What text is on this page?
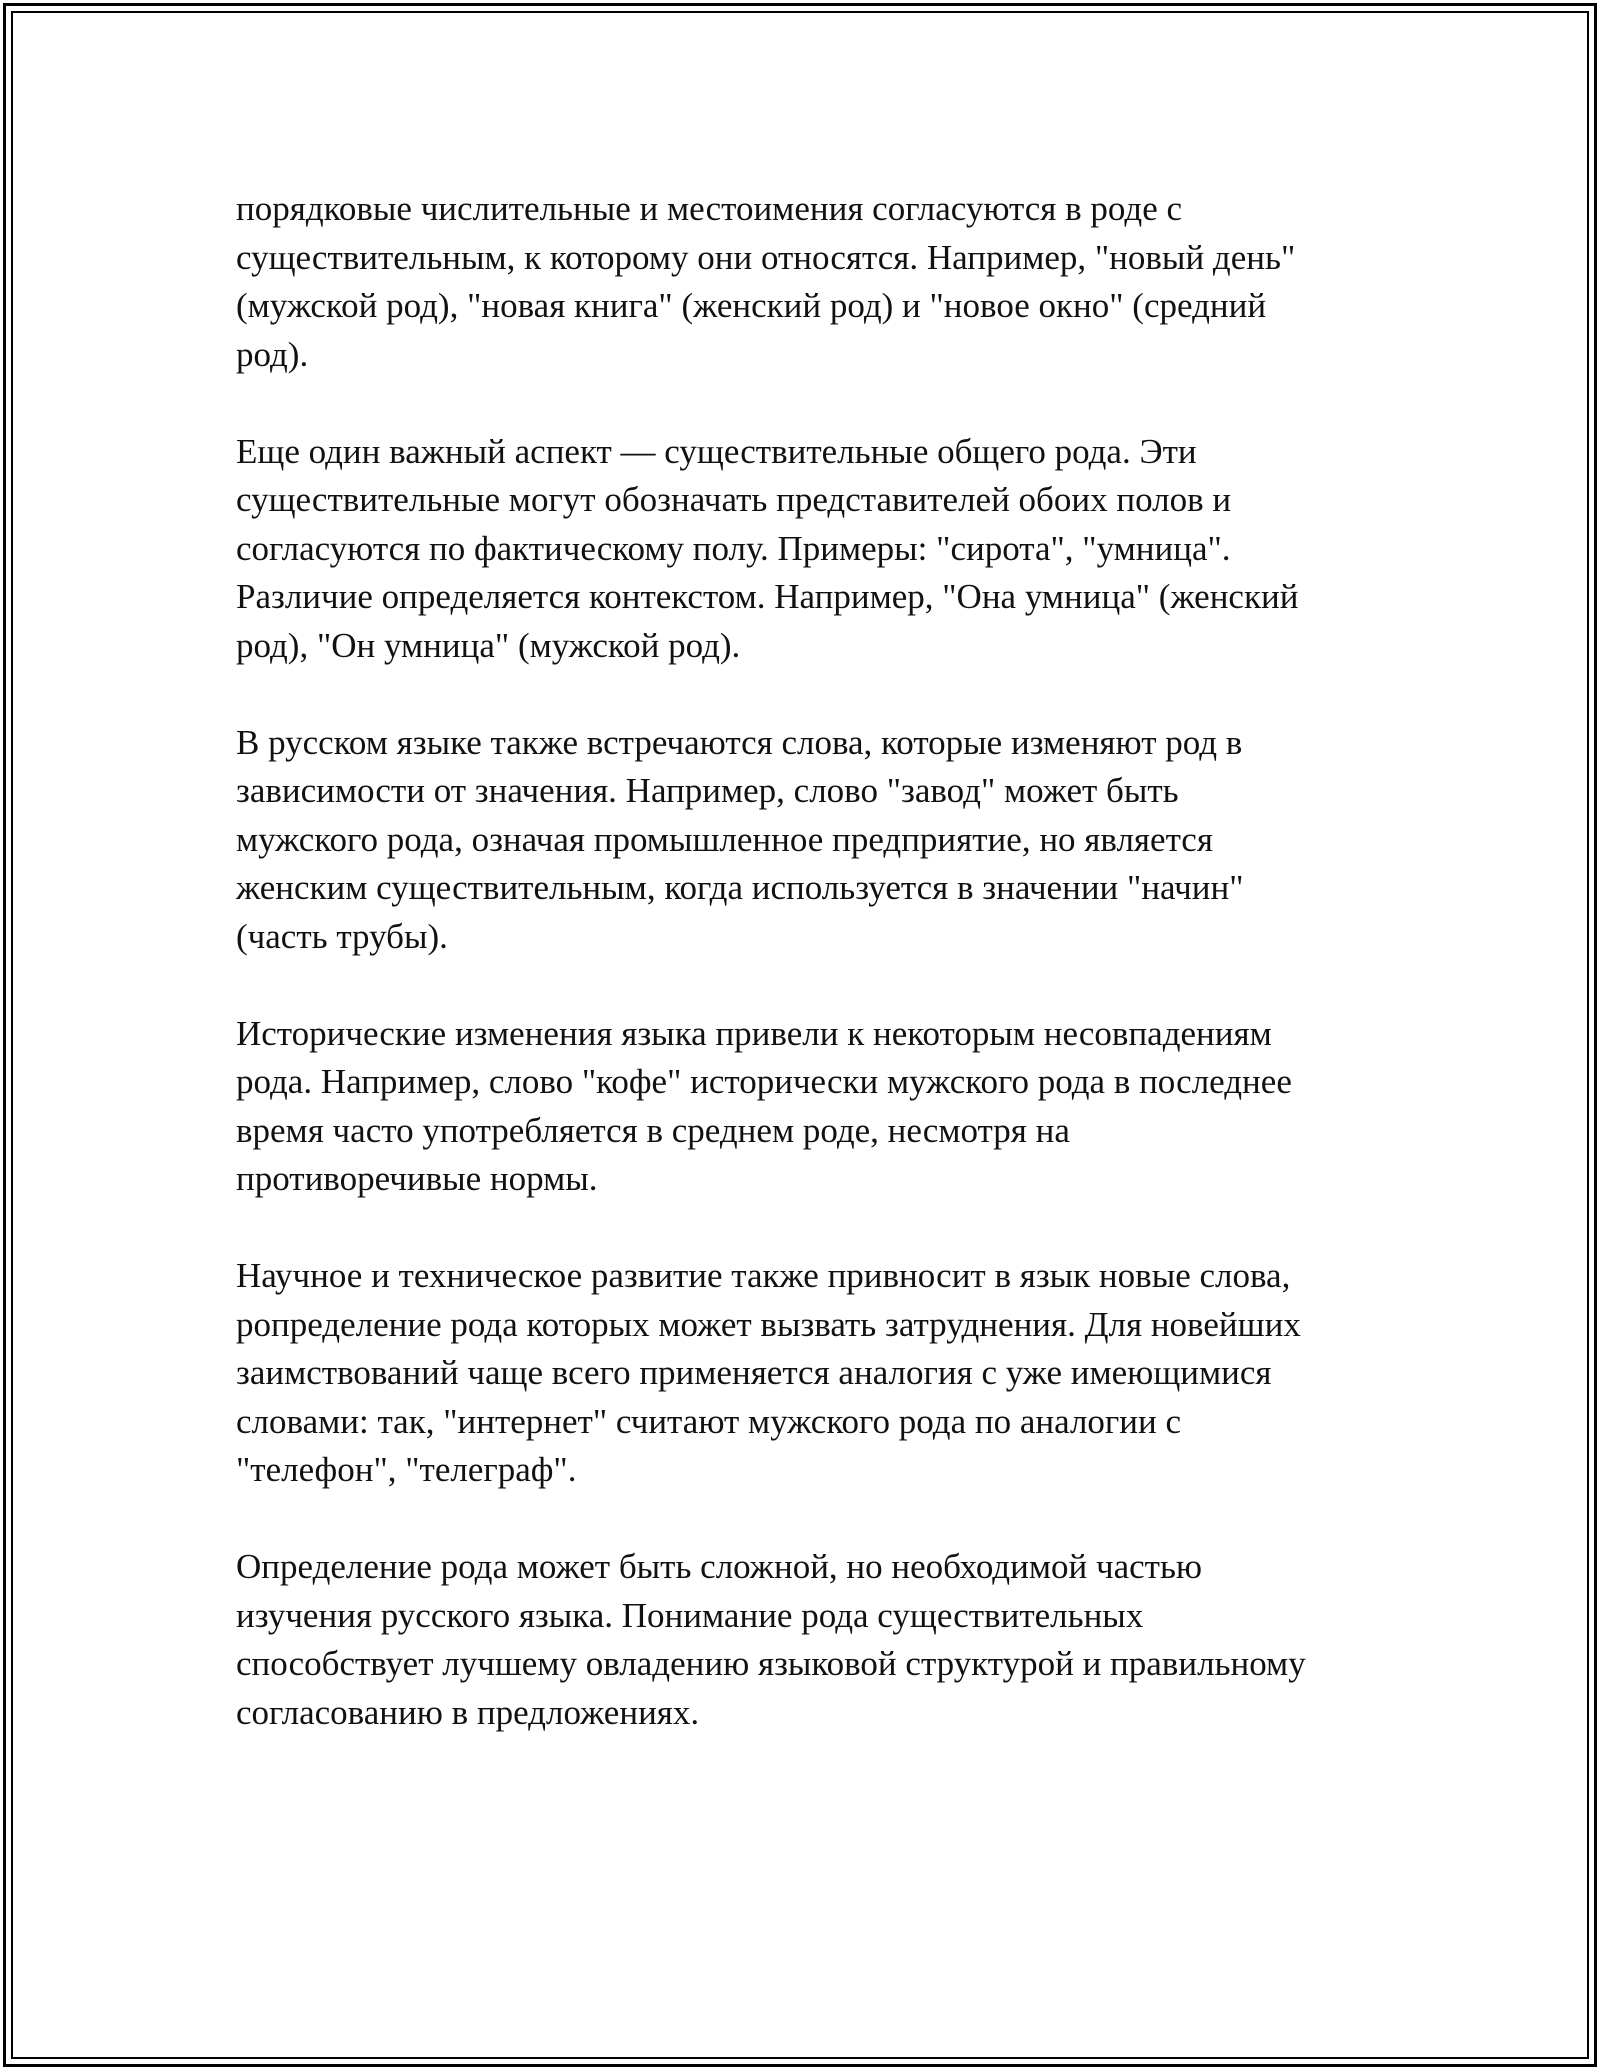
порядковые числительные и местоимения согласуются в роде с
существительным, к которому они относятся. Например, "новый день"
(мужской род), "новая книга" (женский род) и "новое окно" (средний
род).

Еще один важный аспект — существительные общего рода. Эти
существительные могут обозначать представителей обоих полов и
согласуются по фактическому полу. Примеры: "сирота", "умница".
Различие определяется контекстом. Например, "Она умница" (женский
род), "Он умница" (мужской род).

В русском языке также встречаются слова, которые изменяют род в
зависимости от значения. Например, слово "завод" может быть
мужского рода, означая промышленное предприятие, но является
женским существительным, когда используется в значении "начин"
(часть трубы).

Исторические изменения языка привели к некоторым несовпадениям
рода. Например, слово "кофе" исторически мужского рода в последнее
время часто употребляется в среднем роде, несмотря на
противоречивые нормы.

Научное и техническое развитие также привносит в язык новые слова,
ропределение рода которых может вызвать затруднения. Для новейших
заимствований чаще всего применяется аналогия с уже имеющимися
словами: так, "интернет" считают мужского рода по аналогии с
"телефон", "телеграф".

Определение рода может быть сложной, но необходимой частью
изучения русского языка. Понимание рода существительных
способствует лучшему овладению языковой структурой и правильному
согласованию в предложениях.
